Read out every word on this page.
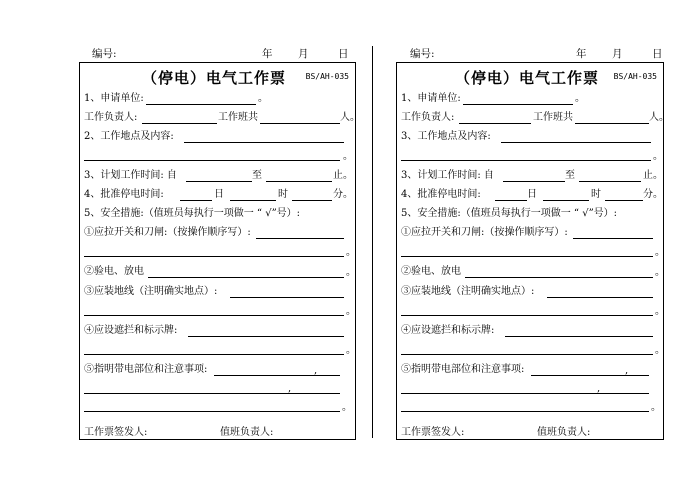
编号:	年 月	日
（停电）电气工作票 BS/AH-035
1、申请单位:	。
工作负责人:	工作班共	人。
2、工作地点及内容:
。
3、计划工作时间: 自	至	止。
4、批准停电时间:	日	时	分。
5、安全措施:（值班员每执行一项做一 “ √”号）:
①应拉开关和刀闸:（按操作顺序写）:
。
②验电、放电	。
③应装地线（注明确实地点）:
。
④应设遮拦和标示牌:
。
⑤指明带电部位和注意事项:	,
,
。
工作票签发人:	值班负责人:
编号:	年 月	日
（停电）电气工作票 BS/AH-035
1、申请单位:	。
工作负责人:	工作班共	人。
3、工作地点及内容:
。
3、计划工作时间: 自	至	止。
4、批准停电时间:	日	时	分。
5、安全措施:（值班员每执行一项做一 “ √”号）:
①应拉开关和刀闸:（按操作顺序写）:
。
②验电、放电	。
③应装地线（注明确实地点）:
。
④应设遮拦和标示牌:
。
⑤指明带电部位和注意事项:	,
,
。
工作票签发人:	值班负责人:
